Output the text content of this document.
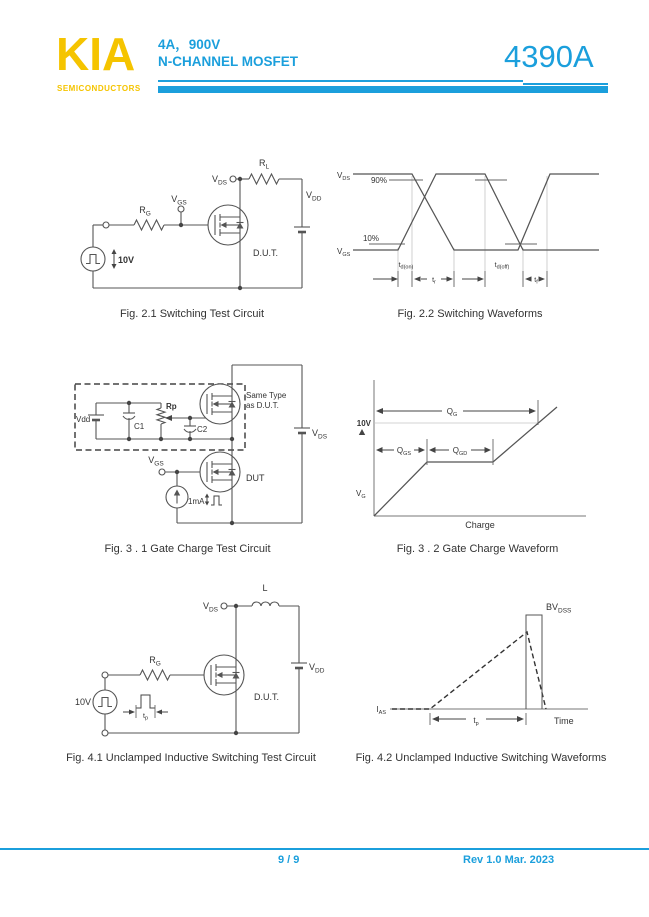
KIA
SEMICONDUCTORS
4A，900V
N-CHANNEL MOSFET	4390A
$V_{GS}$
$R_G$
$V_{DS}$
$R_L$
$V_{DD}$
10V
D.U.T.
Fig. 2.1 Switching Test Circuit
$V_{DS}$
$V_{GS}$
90%
10%
$t_{d(on)}$
$t_r$
$t_{d(off)}$
$t_f$
Fig. 2.2 Switching Waveforms
Vdd
C1
Rp
C2
Same Type
as D.U.T.
$V_{GS}$
DUT
1mA
$V_{DS}$
Fig. 3 . 1 Gate Charge Test Circuit
10V
$V_G$
$Q_G$
$Q_{GS}$	$Q_{GD}$
Charge
Fig. 3 . 2 Gate Charge Waveform
$t_p$
$V_{DS}$
L
$V_{DD}$
$R_G$
10V	D.U.T.
Fig. 4.1 Unclamped Inductive Switching Test Circuit
$I_{AS}$
$BV_{DSS}$
$t_p$	Time
Fig. 4.2 Unclamped Inductive Switching Waveforms
9 / 9	Rev 1.0 Mar. 2023
